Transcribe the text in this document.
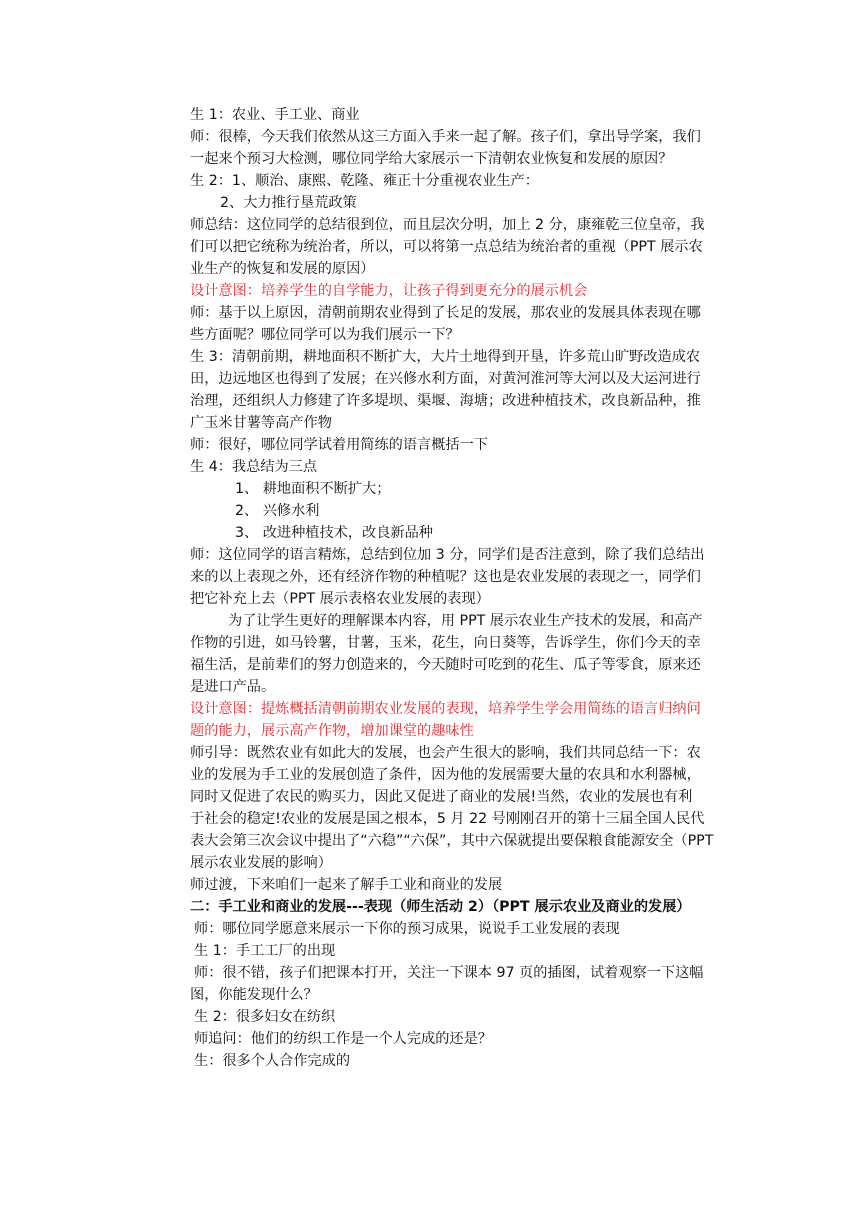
生 1：农业、手工业、商业
师：很棒，今天我们依然从这三方面入手来一起了解。孩子们，拿出导学案，我们
一起来个预习大检测，哪位同学给大家展示一下清朝农业恢复和发展的原因？
生 2：1、顺治、康熙、乾隆、雍正十分重视农业生产：
2、大力推行垦荒政策
师总结：这位同学的总结很到位，而且层次分明，加上 2 分，康雍乾三位皇帝，我
们可以把它统称为统治者，所以，可以将第一点总结为统治者的重视（PPT 展示农
业生产的恢复和发展的原因）
设计意图：培养学生的自学能力，让孩子得到更充分的展示机会
师：基于以上原因，清朝前期农业得到了长足的发展，那农业的发展具体表现在哪
些方面呢？哪位同学可以为我们展示一下？
生 3：清朝前期，耕地面积不断扩大，大片土地得到开垦，许多荒山旷野改造成农
田，边远地区也得到了发展；在兴修水利方面，对黄河淮河等大河以及大运河进行
治理，还组织人力修建了许多堤坝、渠堰、海塘；改进种植技术，改良新品种，推
广玉米甘薯等高产作物
师：很好，哪位同学试着用简练的语言概括一下
生 4：我总结为三点
1、 耕地面积不断扩大；
2、 兴修水利
3、 改进种植技术，改良新品种
师：这位同学的语言精炼，总结到位加 3 分，同学们是否注意到，除了我们总结出
来的以上表现之外，还有经济作物的种植呢？这也是农业发展的表现之一，同学们
把它补充上去（PPT 展示表格农业发展的表现）
为了让学生更好的理解课本内容，用 PPT 展示农业生产技术的发展，和高产
作物的引进，如马铃薯，甘薯，玉米，花生，向日葵等，告诉学生，你们今天的幸
福生活，是前辈们的努力创造来的，今天随时可吃到的花生、瓜子等零食，原来还
是进口产品。
设计意图：提炼概括清朝前期农业发展的表现，培养学生学会用简练的语言归纳问
题的能力，展示高产作物，增加课堂的趣味性
师引导：既然农业有如此大的发展，也会产生很大的影响，我们共同总结一下：农
业的发展为手工业的发展创造了条件，因为他的发展需要大量的农具和水利器械，
同时又促进了农民的购买力，因此又促进了商业的发展!当然，农业的发展也有利
于社会的稳定!农业的发展是国之根本，5 月 22 号刚刚召开的第十三届全国人民代
表大会第三次会议中提出了“六稳”“六保”，其中六保就提出要保粮食能源安全（PPT
展示农业发展的影响）
师过渡，下来咱们一起来了解手工业和商业的发展
二：手工业和商业的发展---表现（师生活动 2）（PPT 展示农业及商业的发展）
师：哪位同学愿意来展示一下你的预习成果，说说手工业发展的表现
生 1：手工工厂的出现
师：很不错，孩子们把课本打开，关注一下课本 97 页的插图，试着观察一下这幅
图，你能发现什么？
生 2：很多妇女在纺织
师追问：他们的纺织工作是一个人完成的还是？
生：很多个人合作完成的
